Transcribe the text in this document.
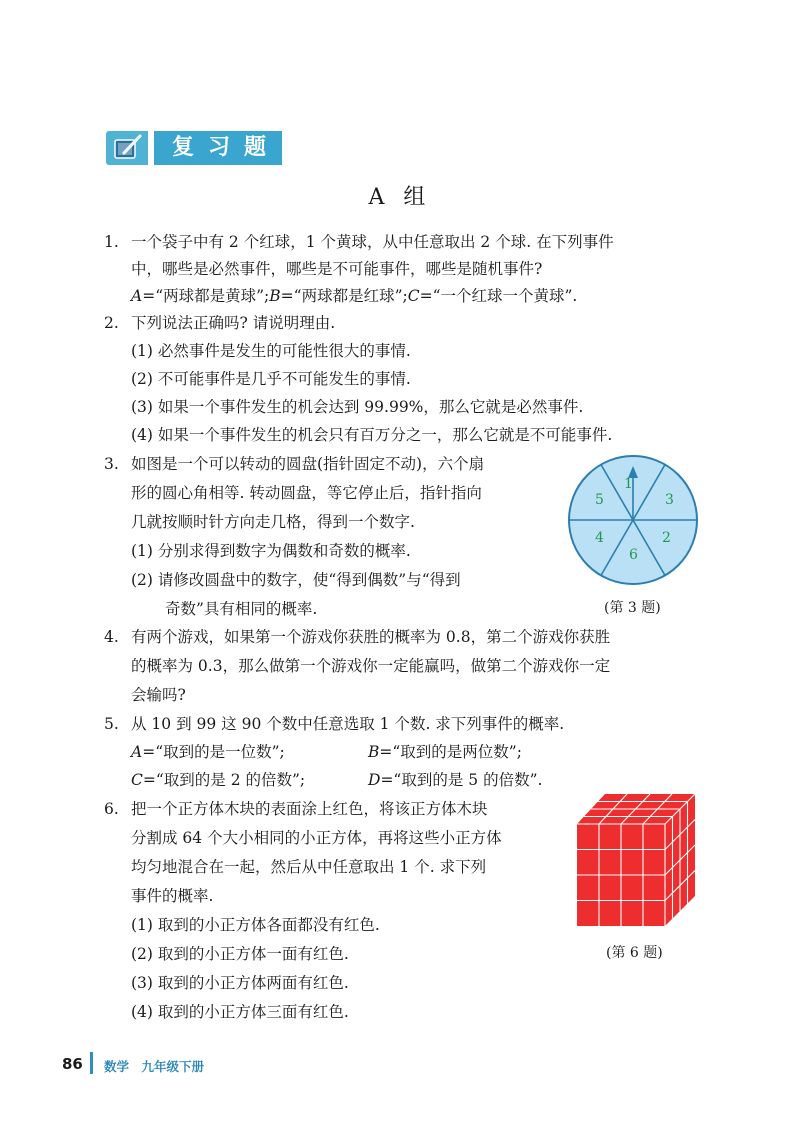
复习题
A 组
1. 一个袋子中有 2 个红球，1 个黄球，从中任意取出 2 个球. 在下列事件
中，哪些是必然事件，哪些是不可能事件，哪些是随机事件?
A=“两球都是黄球”;B=“两球都是红球”;C=“一个红球一个黄球”.
2. 下列说法正确吗? 请说明理由.
(1) 必然事件是发生的可能性很大的事情.
(2) 不可能事件是几乎不可能发生的事情.
(3) 如果一个事件发生的机会达到 99.99%，那么它就是必然事件.
(4) 如果一个事件发生的机会只有百万分之一，那么它就是不可能事件.
3. 如图是一个可以转动的圆盘(指针固定不动)，六个扇
形的圆心角相等. 转动圆盘，等它停止后，指针指向
几就按顺时针方向走几格，得到一个数字.
(1) 分别求得到数字为偶数和奇数的概率.
(2) 请修改圆盘中的数字，使“得到偶数”与“得到
奇数”具有相同的概率.
1
3
2
6
4
5
(第 3 题)
4. 有两个游戏，如果第一个游戏你获胜的概率为 0.8，第二个游戏你获胜
的概率为 0.3，那么做第一个游戏你一定能赢吗，做第二个游戏你一定
会输吗?
5. 从 10 到 99 这 90 个数中任意选取 1 个数. 求下列事件的概率.
A=“取到的是一位数”;	B=“取到的是两位数”;
C=“取到的是 2 的倍数”;	D=“取到的是 5 的倍数”.
6. 把一个正方体木块的表面涂上红色，将该正方体木块
分割成 64 个大小相同的小正方体，再将这些小正方体
均匀地混合在一起，然后从中任意取出 1 个. 求下列
事件的概率.
(1) 取到的小正方体各面都没有红色.
(2) 取到的小正方体一面有红色.
(3) 取到的小正方体两面有红色.
(4) 取到的小正方体三面有红色.
(第 6 题)
86 数学　九年级下册
